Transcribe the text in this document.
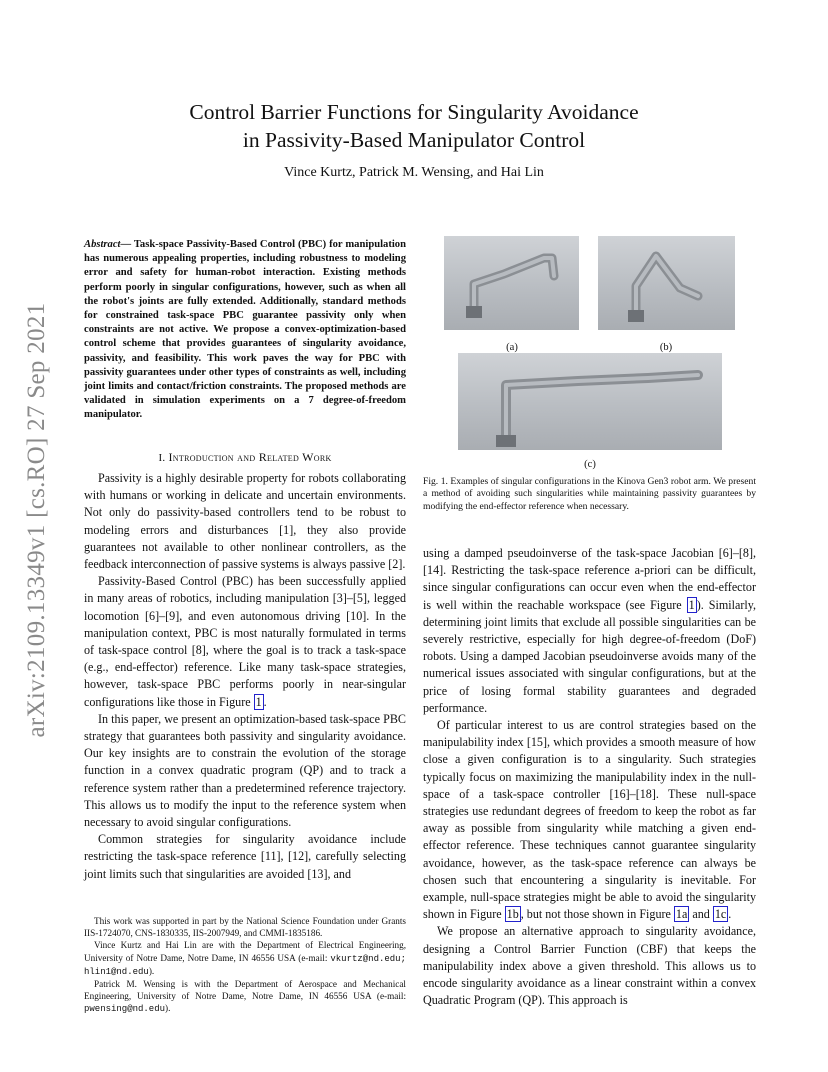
arXiv:2109.13349v1 [cs.RO] 27 Sep 2021
Control Barrier Functions for Singularity Avoidance
in Passivity-Based Manipulator Control
Vince Kurtz, Patrick M. Wensing, and Hai Lin
Abstract— Task-space Passivity-Based Control (PBC) for manipulation has numerous appealing properties, including robustness to modeling error and safety for human-robot interaction. Existing methods perform poorly in singular configurations, however, such as when all the robot's joints are fully extended. Additionally, standard methods for constrained task-space PBC guarantee passivity only when constraints are not active. We propose a convex-optimization-based control scheme that provides guarantees of singularity avoidance, passivity, and feasibility. This work paves the way for PBC with passivity guarantees under other types of constraints as well, including joint limits and contact/friction constraints. The proposed methods are validated in simulation experiments on a 7 degree-of-freedom manipulator.
I. Introduction and Related Work

Passivity is a highly desirable property for robots collaborating with humans or working in delicate and uncertain environments. Not only do passivity-based controllers tend to be robust to modeling errors and disturbances [1], they also provide guarantees not available to other nonlinear controllers, as the feedback interconnection of passive systems is always passive [2].

Passivity-Based Control (PBC) has been successfully applied in many areas of robotics, including manipulation [3]–[5], legged locomotion [6]–[9], and even autonomous driving [10]. In the manipulation context, PBC is most naturally formulated in terms of task-space control [8], where the goal is to track a task-space (e.g., end-effector) reference. Like many task-space strategies, however, task-space PBC performs poorly in near-singular configurations like those in Figure 1 .

In this paper, we present an optimization-based task-space PBC strategy that guarantees both passivity and singularity avoidance. Our key insights are to constrain the evolution of the storage function in a convex quadratic program (QP) and to track a reference system rather than a predetermined reference trajectory. This allows us to modify the input to the reference system when necessary to avoid singular configurations.

Common strategies for singularity avoidance include restricting the task-space reference [11], [12], carefully selecting joint limits such that singularities are avoided [13], and

This work was supported in part by the National Science Foundation under Grants IIS-1724070, CNS-1830335, IIS-2007949, and CMMI-1835186.

Vince Kurtz and Hai Lin are with the Department of Electrical Engineering, University of Notre Dame, Notre Dame, IN 46556 USA (e-mail: vkurtz@nd.edu; hlin1@nd.edu).

Patrick M. Wensing is with the Department of Aerospace and Mechanical Engineering, University of Notre Dame, Notre Dame, IN 46556 USA (e-mail: pwensing@nd.edu).

(a)	(b)
(c)
Fig. 1. Examples of singular configurations in the Kinova Gen3 robot arm. We present a method of avoiding such singularities while maintaining passivity guarantees by modifying the end-effector reference when necessary.

using a damped pseudoinverse of the task-space Jacobian [6]–[8], [14]. Restricting the task-space reference a-priori can be difficult, since singular configurations can occur even when the end-effector is well within the reachable workspace (see Figure 1 ). Similarly, determining joint limits that exclude all possible singularities can be severely restrictive, especially for high degree-of-freedom (DoF) robots. Using a damped Jacobian pseudoinverse avoids many of the numerical issues associated with singular configurations, but at the price of losing formal stability guarantees and degraded performance.

Of particular interest to us are control strategies based on the manipulability index [15], which provides a smooth measure of how close a given configuration is to a singularity. Such strategies typically focus on maximizing the manipulability index in the null-space of a task-space controller [16]–[18]. These null-space strategies use redundant degrees of freedom to keep the robot as far away as possible from singularity while matching a given end-effector reference. These techniques cannot guarantee singularity avoidance, however, as the task-space reference can always be chosen such that encountering a singularity is inevitable. For example, null-space strategies might be able to avoid the singularity shown in Figure 1b , but not those shown in Figure 1a and 1c .

We propose an alternative approach to singularity avoidance, designing a Control Barrier Function (CBF) that keeps the manipulability index above a given threshold. This allows us to encode singularity avoidance as a linear constraint within a convex Quadratic Program (QP). This approach is
